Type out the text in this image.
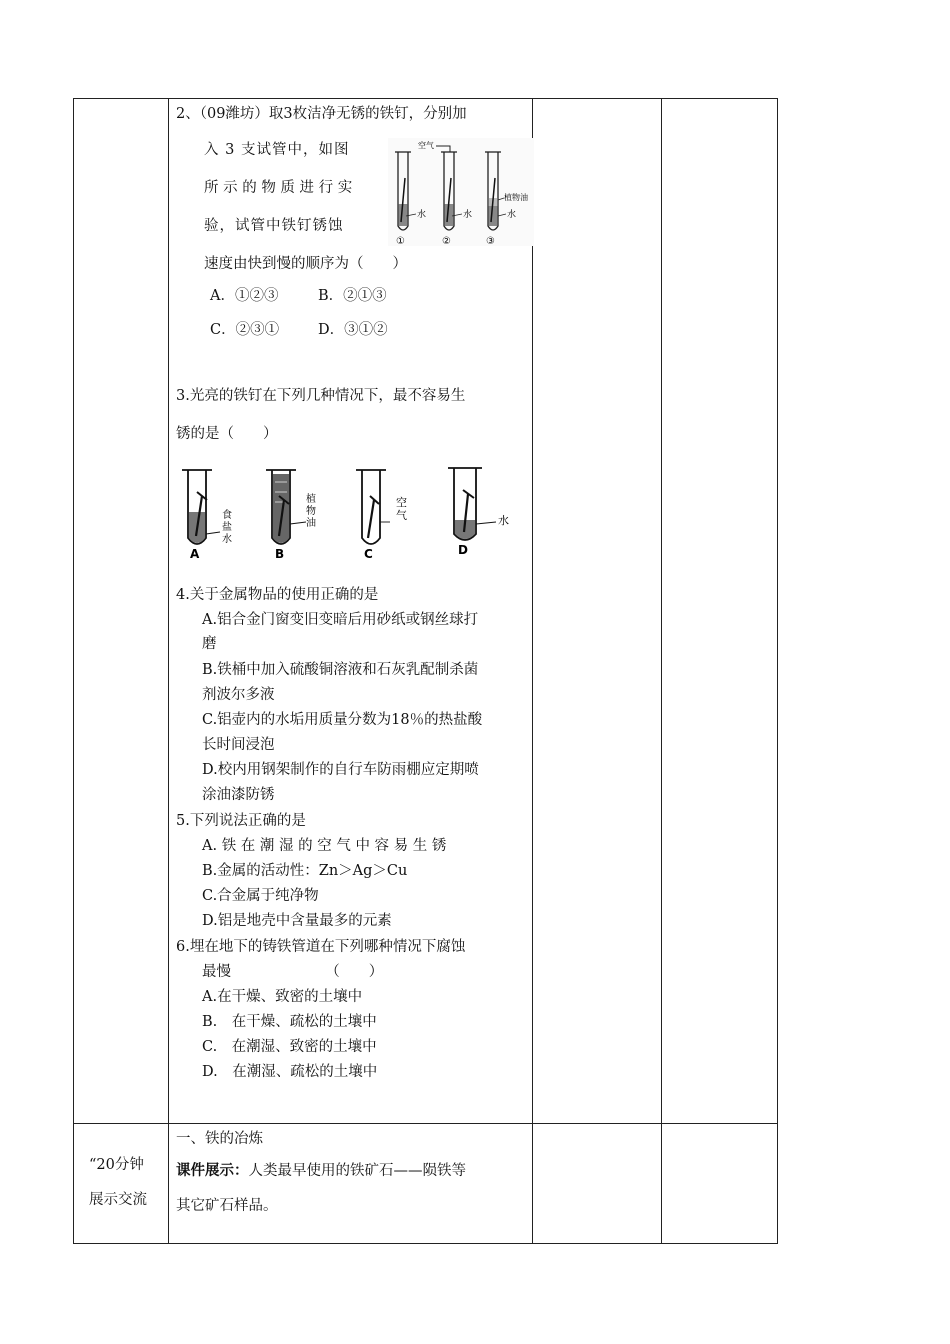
2、（09潍坊）取3枚洁净无锈的铁钉，分别加
入 3 支试管中，如图
所 示 的 物 质 进 行 实
验，试管中铁钉锈蚀
速度由快到慢的顺序为（　　）
A．①②③	B．②①③
C．②③①	D．③①②
水
①
空气
水
②
植物油
水
③
3.光亮的铁钉在下列几种情况下，最不容易生
锈的是（　　）
食
盐
水
A
植
物
油
B
空
气
C
水
D
4.关于金属物品的使用正确的是
A.铝合金门窗变旧变暗后用砂纸或钢丝球打
磨
B.铁桶中加入硫酸铜溶液和石灰乳配制杀菌
剂波尔多液
C.铝壶内的水垢用质量分数为18％的热盐酸
长时间浸泡
D.校内用钢架制作的自行车防雨棚应定期喷
涂油漆防锈
5.下列说法正确的是
A. 铁 在 潮 湿 的 空 气 中 容 易 生 锈
B.金属的活动性：Zn＞Ag＞Cu
C.合金属于纯净物
D.铝是地壳中含量最多的元素
6.埋在地下的铸铁管道在下列哪种情况下腐蚀
最慢　　　　　　　（　　）
A.在干燥、致密的土壤中
B.　在干燥、疏松的土壤中
C.　在潮湿、致密的土壤中
D.　在潮湿、疏松的土壤中
“20分钟
展示交流
一、铁的冶炼
课件展示：人类最早使用的铁矿石——陨铁等
其它矿石样品。
